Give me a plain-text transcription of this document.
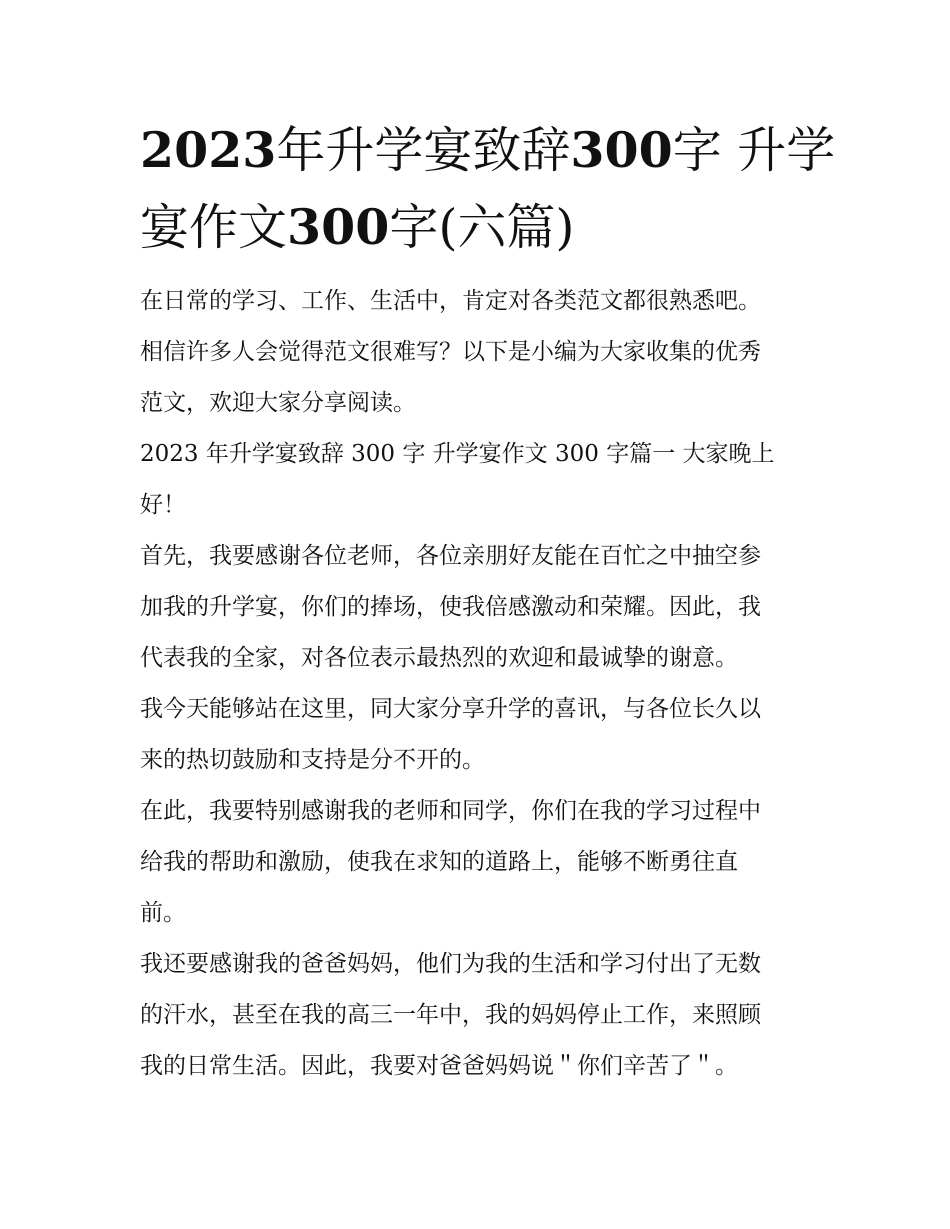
2023年升学宴致辞300字 升学
宴作文300字(六篇)

在日常的学习、工作、生活中，肯定对各类范文都很熟悉吧。
相信许多人会觉得范文很难写？以下是小编为大家收集的优秀
范文，欢迎大家分享阅读。

2023 年升学宴致辞 300 字 升学宴作文 300 字篇一 大家晚上
好！

首先，我要感谢各位老师，各位亲朋好友能在百忙之中抽空参
加我的升学宴，你们的捧场，使我倍感激动和荣耀。因此，我
代表我的全家，对各位表示最热烈的欢迎和最诚挚的谢意。

我今天能够站在这里，同大家分享升学的喜讯，与各位长久以
来的热切鼓励和支持是分不开的。

在此，我要特别感谢我的老师和同学，你们在我的学习过程中
给我的帮助和激励，使我在求知的道路上，能够不断勇往直
前。

我还要感谢我的爸爸妈妈，他们为我的生活和学习付出了无数
的汗水，甚至在我的高三一年中，我的妈妈停止工作，来照顾
我的日常生活。因此，我要对爸爸妈妈说＂你们辛苦了＂。
